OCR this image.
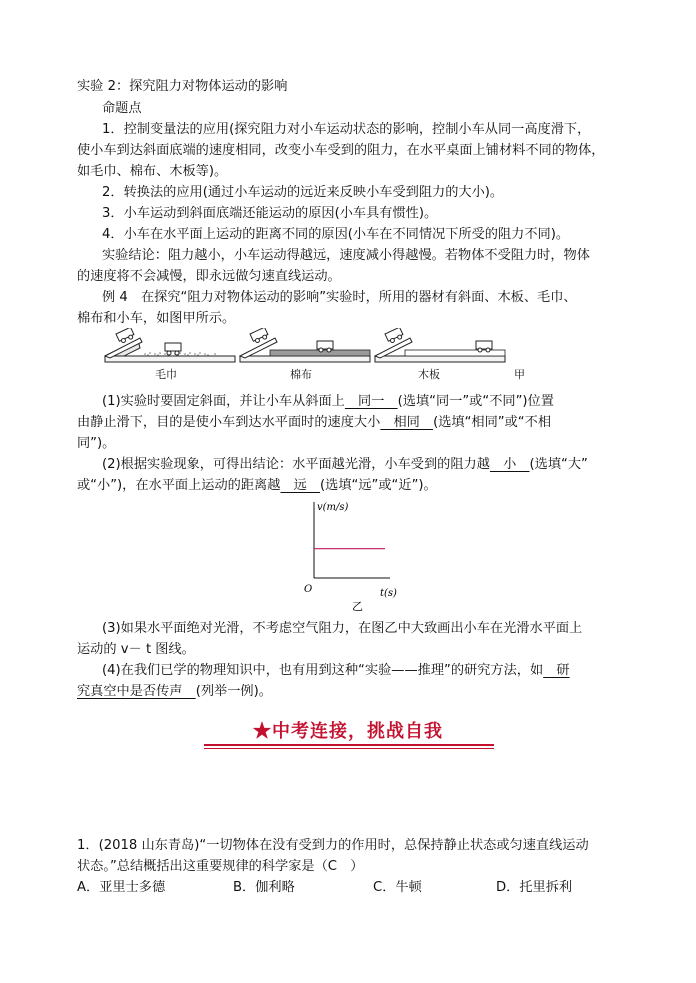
实验 2：探究阻力对物体运动的影响
命题点
1．控制变量法的应用(探究阻力对小车运动状态的影响，控制小车从同一高度滑下，
使小车到达斜面底端的速度相同，改变小车受到的阻力，在水平桌面上铺材料不同的物体，
如毛巾、棉布、木板等)。
2．转换法的应用(通过小车运动的远近来反映小车受到阻力的大小)。
3．小车运动到斜面底端还能运动的原因(小车具有惯性)。
4．小车在水平面上运动的距离不同的原因(小车在不同情况下所受的阻力不同)。
实验结论：阻力越小，小车运动得越远，速度减小得越慢。若物体不受阻力时，物体
的速度将不会减慢，即永远做匀速直线运动。
例 4　在探究“阻力对物体运动的影响”实验时，所用的器材有斜面、木板、毛巾、
棉布和小车，如图甲所示。
毛巾	棉布	木板	甲
(1)实验时要固定斜面，并让小车从斜面上　同一　(选填“同一”或“不同”)位置
由静止滑下，目的是使小车到达水平面时的速度大小　相同　(选填“相同”或“不相
同”)。
(2)根据实验现象，可得出结论：水平面越光滑，小车受到的阻力越　小　(选填“大”
或“小”)，在水平面上运动的距离越　远　(选填“远”或“近”)。
v(m/s)
O	t(s)
乙
(3)如果水平面绝对光滑，不考虑空气阻力，在图乙中大致画出小车在光滑水平面上
运动的 v－ t 图线。
(4)在我们已学的物理知识中，也有用到这种“实验——推理”的研究方法，如　研
究真空中是否传声　(列举一例)。
★中考连接，挑战自我
1．(2018 山东青岛)“一切物体在没有受到力的作用时，总保持静止状态或匀速直线运动
状态。”总结概括出这重要规律的科学家是（C　）
A．亚里士多德	B．伽利略	C．牛顿	D．托里拆利
